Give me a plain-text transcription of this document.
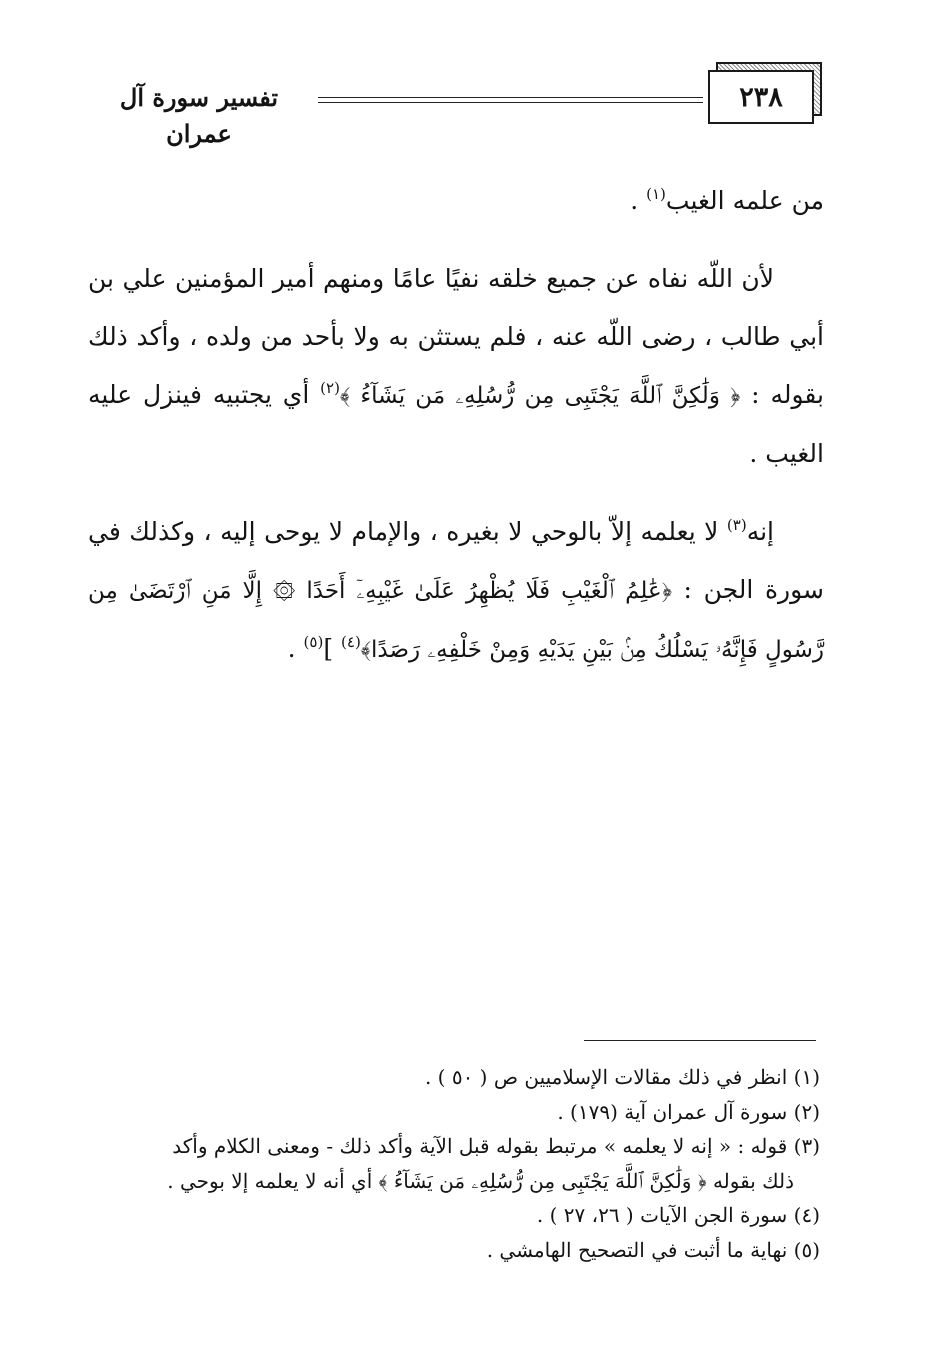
٢٣٨
تفسير سورة آل عمران

من علمه الغيب$^{(١)}$ .

لأن اللّه نفاه عن جميع خلقه نفيًا عامًا ومنهم أمير المؤمنين علي بن أبي طالب ، رضى اللّه عنه ، فلم يستثن به ولا بأحد من ولده ، وأكد ذلك بقوله : ﴿ وَلَٰكِنَّ ٱللَّهَ يَجْتَبِى مِن رُّسُلِهِۦ مَن يَشَآءُ ﴾$^{(٢)}$ أي يجتبيه فينزل عليه الغيب .

إنه$^{(٣)}$ لا يعلمه إلاّ بالوحي لا بغيره ، والإمام لا يوحى إليه ، وكذلك في سورة الجن : ﴿عَٰلِمُ ٱلْغَيْبِ فَلَا يُظْهِرُ عَلَىٰ غَيْبِهِۦٓ أَحَدًا ۞ إِلَّا مَنِ ٱرْتَضَىٰ مِن رَّسُولٍ فَإِنَّهُۥ يَسْلُكُ مِنۢ بَيْنِ يَدَيْهِ وَمِنْ خَلْفِهِۦ رَصَدًا﴾$^{(٤)}$ ]$^{(٥)}$ .

(١) انظر في ذلك مقالات الإسلاميين ص ( ٥٠ ) .

(٢) سورة آل عمران آية (١٧٩) .

(٣) قوله : « إنه لا يعلمه » مرتبط بقوله قبل الآية وأكد ذلك - ومعنى الكلام وأكد

ذلك بقوله ﴿ وَلَٰكِنَّ ٱللَّهَ يَجْتَبِى مِن رُّسُلِهِۦ مَن يَشَآءُ ﴾ أي أنه لا يعلمه إلا بوحي .

(٤) سورة الجن الآيات ( ٢٦، ٢٧ ) .

(٥) نهاية ما أثبت في التصحيح الهامشي .
